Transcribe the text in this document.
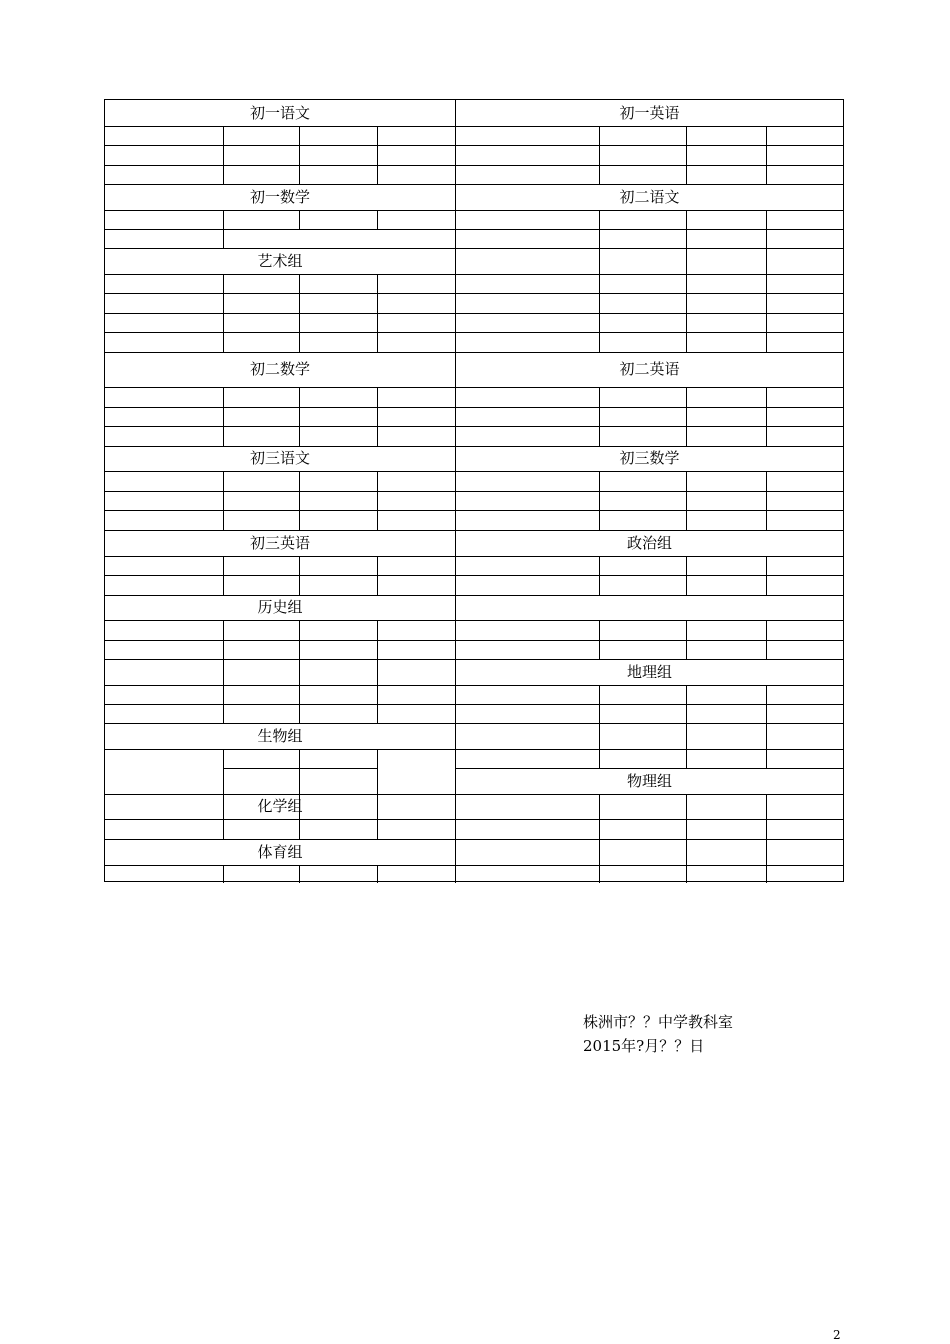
初一语文
初一数学
艺术组
初二数学
初三语文
初三英语
历史组
生物组
化学组
体育组
初一英语
初二语文
初二英语
初三数学
政治组
地理组
物理组
株洲市？？中学教科室
2015年?月？？日
2
